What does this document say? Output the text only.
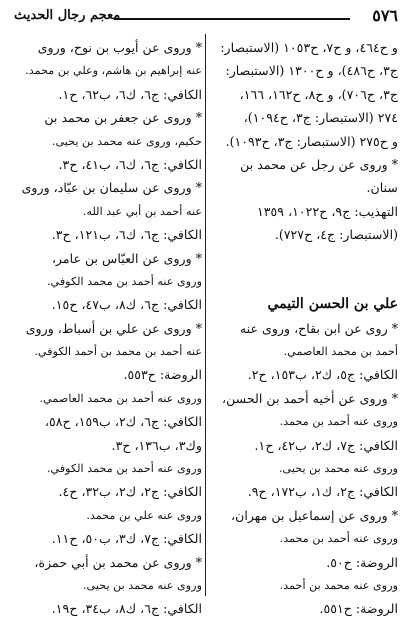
٥٧٦
معجم رجال الحديث
و ح٤٦٤، و ح٧، ح١٠٥٣ (الاستبصار:
ج٣، ح٤٨٦)، و ح١٣٠٠ (الاستبصار:
ج٣، ح٧٠٦)، و ح٨، ح١٦٢، ١٦٦،
٢٧٤ (الاستبصار: ج٣، ح١٠٩٤)،
و ح٢٧٥ (الاستبصار: ج٣، ح١٠٩٣).
* وروى عن رجل عن محمد بن
سنان.
التهذيب: ج٩، ح١٠٢٢، ١٣٥٩
(الاستبصار: ج٤، ح٧٢٧).
علي بن الحسن التيمي
* روى عن ابن بقاح، وروى عنه
أحمد بن محمد العاصمي.
الكافي: ج٥، ك٢، ب١٥٣، ح٢.
* وروى عن أخيه أحمد بن الحسن،
وروى عنه أحمد بن محمد.
الكافي: ج٧، ك٢، ب٤٢، ح١.
وروى عنه محمد بن يحيى.
الكافي: ج٢، ك١، ب١٧٢، ح٩.
* وروى عن إسماعيل بن مهران،
وروى عنه أحمد بن محمد.
الروضة: ح٥٠.
وروى عنه محمد بن أحمد.
الروضة: ح٥٥١.
* وروى عن أيوب بن نوح، وروى
عنه إبراهيم بن هاشم، وعلي بن محمد.
الكافي: ج٦، ك٦، ب٦٢، ح١.
* وروى عن جعفر بن محمد بن
حكيم، وروى عنه محمد بن يحيى.
الكافي: ج٦، ك٦، ب٤١، ح٣.
* وروى عن سليمان بن عبّاد، وروى
عنه أحمد بن أبي عبد الله.
الكافي: ج٦، ك٦، ب١٢١، ح٣.
* وروى عن العبّاس بن عامر،
وروى عنه أحمد بن محمد الكوفي.
الكافي: ج٦، ك٨، ب٤٧، ح١٥.
* وروى عن علي بن أسباط، وروى
عنه أحمد بن محمد بن أحمد الكوفي.
الروضة: ح٥٥٣.
وروى عنه أحمد بن محمد العاصمي.
الكافي: ج٦، ك٢، ب١٥٩، ح٥٨،
وك٣، ب١٣٦، ح٣.
وروى عنه أحمد بن محمد الكوفي.
الكافي: ج٢، ك٢، ب٣٢، ح٤.
وروى عنه علي بن محمد.
الكافي: ج٧، ك٣، ب٥٠، ح١١.
* وروى عن محمد بن أبي حمزة،
وروى عنه محمد بن يحيى.
الكافي: ج٦، ك٨، ب٣٤، ح١٩.
